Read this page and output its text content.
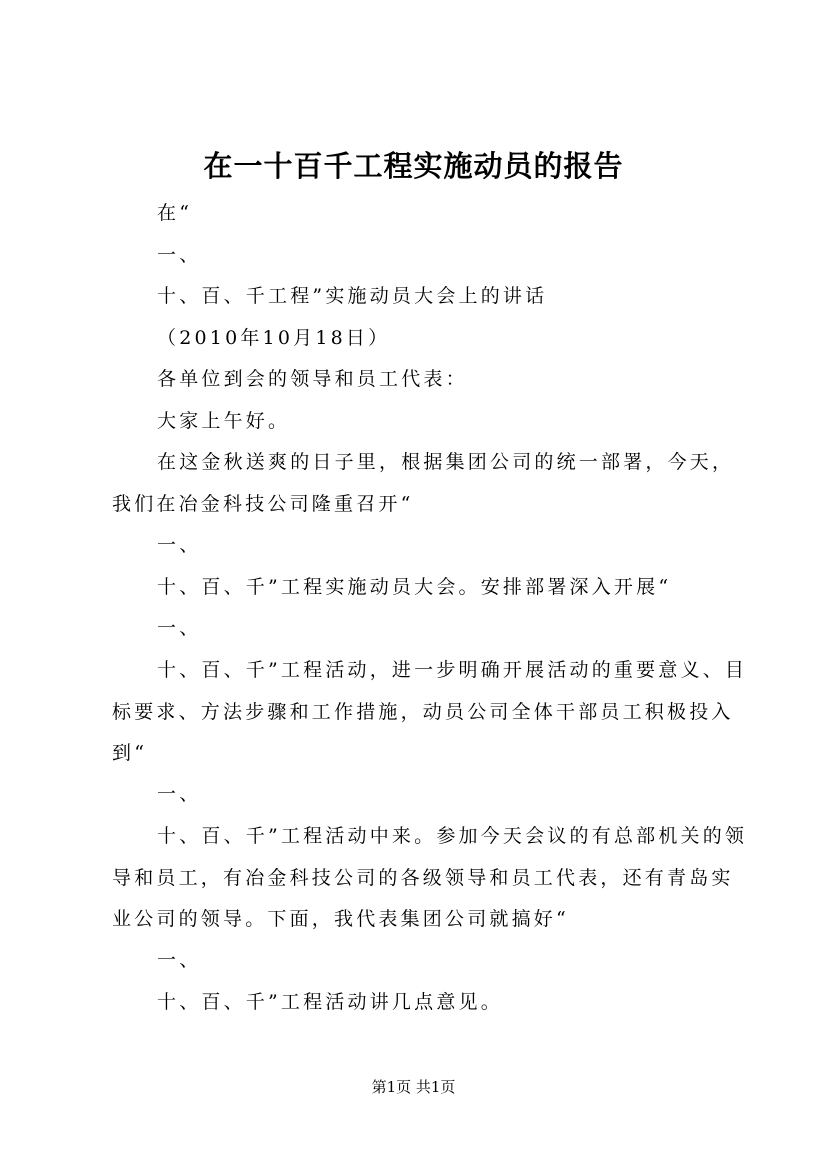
在一十百千工程实施动员的报告

在“

一、

十、百、千工程”实施动员大会上的讲话

（2010年10月18日）

各单位到会的领导和员工代表：

大家上午好。

在这金秋送爽的日子里，根据集团公司的统一部署，今天，我们在冶金科技公司隆重召开“

一、

十、百、千”工程实施动员大会。安排部署深入开展“

一、

十、百、千”工程活动，进一步明确开展活动的重要意义、目标要求、方法步骤和工作措施，动员公司全体干部员工积极投入到“

一、

十、百、千”工程活动中来。参加今天会议的有总部机关的领导和员工，有冶金科技公司的各级领导和员工代表，还有青岛实业公司的领导。下面，我代表集团公司就搞好“

一、

十、百、千”工程活动讲几点意见。

第1页 共1页
